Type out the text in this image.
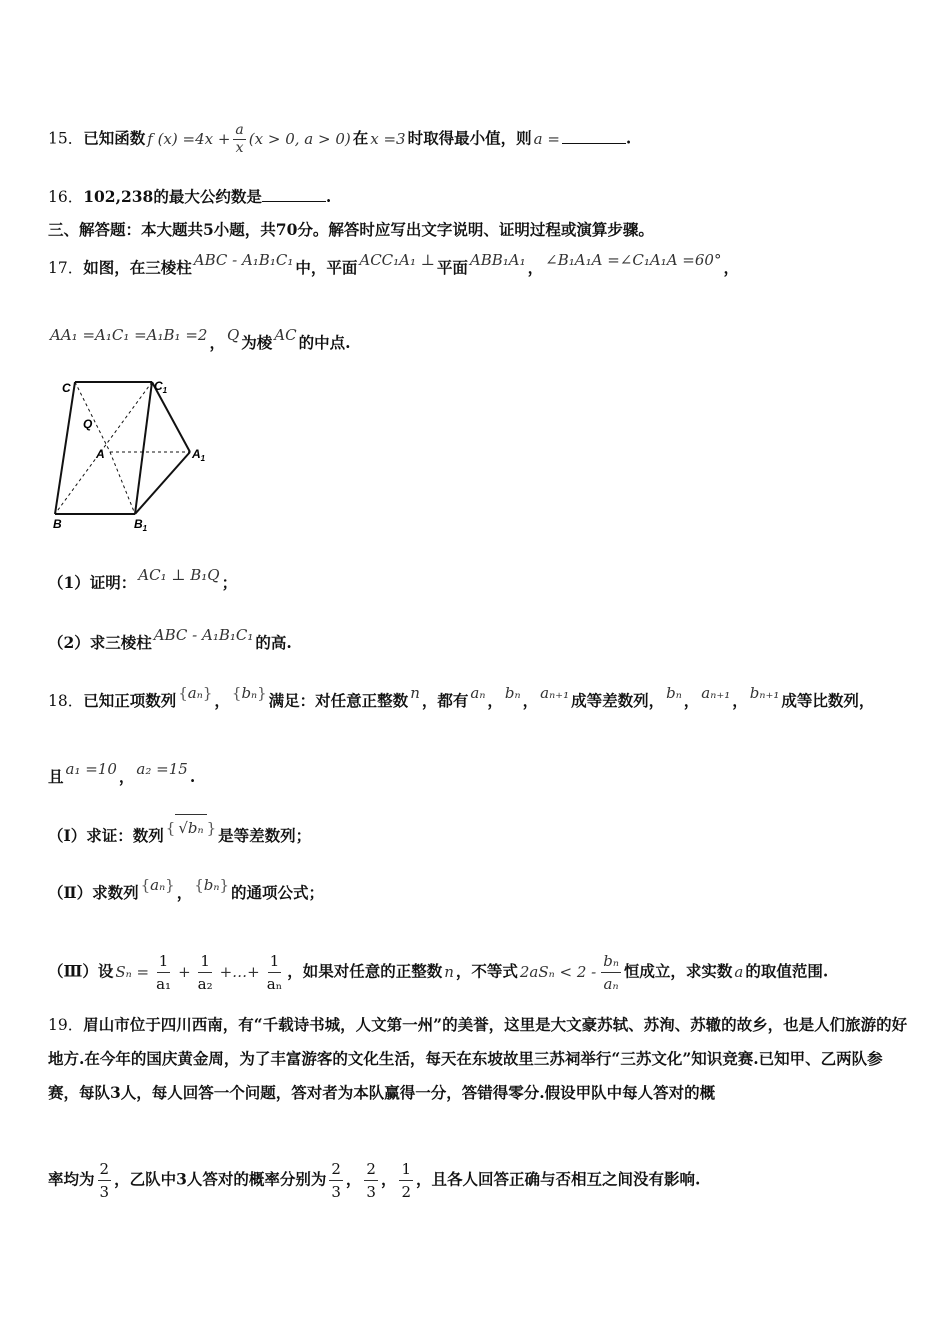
15．已知函数 f $(x) =4x + \frac{a}{x} (x > 0$, a > 0) 在 x =3 时取得最小值，则 a =	.
16．102,238的最大公约数是	.
三、解答题：本大题共5小题，共70分。解答时应写出文字说明、证明过程或演算步骤。
17．如图，在三棱柱 ABC - A₁B₁C₁ 中，平面 ACC₁A₁ ⊥ 平面 ABB₁A₁ ， ∠B₁A₁A =∠C₁A₁A =60° ，
AA₁ =A₁C₁ =A₁B₁ =2 ， Q 为棱 AC 的中点.
C	$C_1$
Q
A	$A_1$
B	$B_1$
（1）证明： AC₁ ⊥ B₁Q ；
（2）求三棱柱 ABC - A₁B₁C₁ 的高.
18．已知正项数列 {aₙ} ， {bₙ} 满足：对任意正整数 n ，都有 aₙ ， bₙ ， aₙ₊₁ 成等差数列， bₙ ， aₙ₊₁ ， bₙ₊₁ 成等比数列，
且 a₁ =10 ， a₂ =15 .
（Ⅰ）求证：数列 { √bₙ } 是等差数列；
（Ⅱ）求数列 {aₙ} ， {bₙ} 的通项公式；
（Ⅲ）设 $S_n = \frac{1}{\text{a₁}} + \frac{1}{\text{a₂}}$ +…+ $\frac{1}{\text{aₙ}}$ ，如果对任意的正整数 n ，不等式 $2aS_n < 2 - \frac{\text{bₙ}}{\text{aₙ}}$ 恒成立，求实数 a 的取值范围.
19．眉山市位于四川西南，有“千载诗书城，人文第一州”的美誉，这里是大文豪苏轼、苏洵、苏辙的故乡，也是人们旅游的好地方.在今年的国庆黄金周，为了丰富游客的文化生活，每天在东坡故里三苏祠举行“三苏文化”知识竞赛.已知甲、乙两队参赛，每队3人，每人回答一个问题，答对者为本队赢得一分，答错得零分.假设甲队中每人答对的概
率均为 $\frac{2}{3}$ ，乙队中3人答对的概率分别为 $\frac{2}{3}$ ， $\frac{2}{3}$ ， $\frac{1}{2}$ ，且各人回答正确与否相互之间没有影响.
